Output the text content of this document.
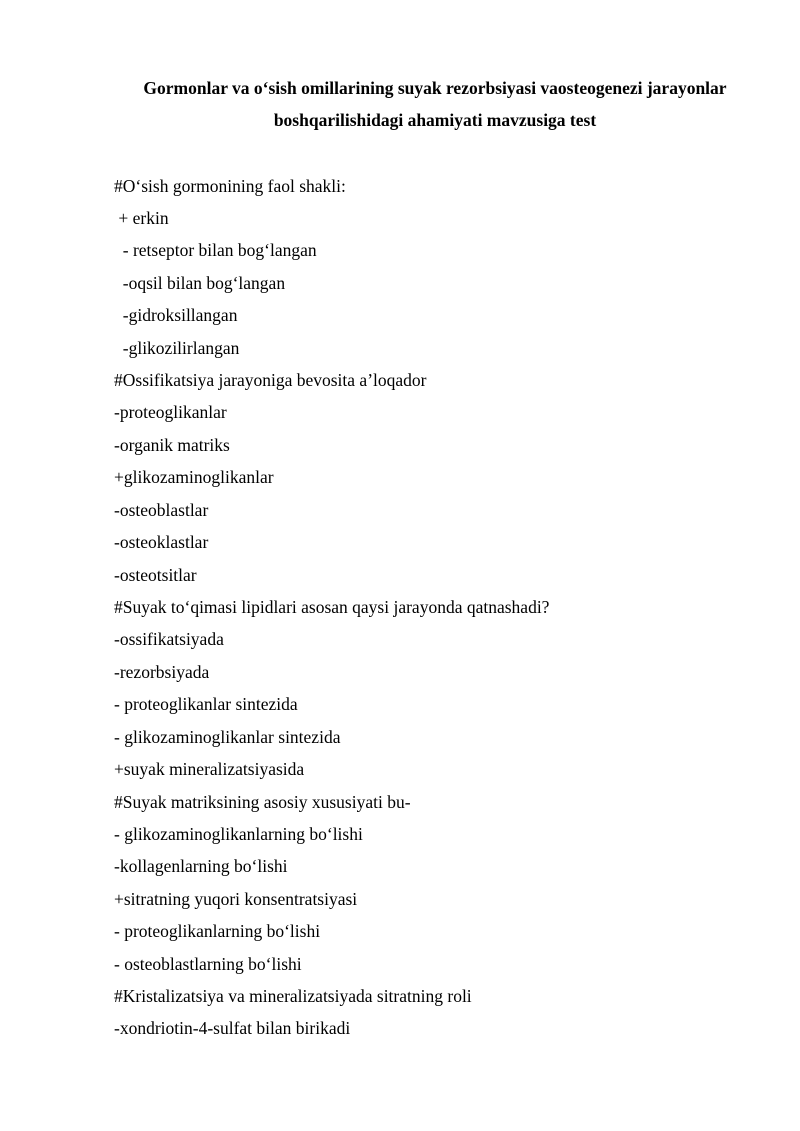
Gormonlar va o‘sish omillarining suyak rezorbsiyasi vaosteogenezi jarayonlar
boshqarilishidagi ahamiyati mavzusiga test
#O‘sish gormonining faol shakli:
+ erkin
- retseptor bilan bog‘langan
-oqsil bilan bog‘langan
-gidroksillangan
-glikozilirlangan
#Ossifikatsiya jarayoniga bevosita a’loqador
-proteoglikanlar
-organik matriks
+glikozaminoglikanlar
-osteoblastlar
-osteoklastlar
-osteotsitlar
#Suyak to‘qimasi lipidlari asosan qaysi jarayonda qatnashadi?
-ossifikatsiyada
-rezorbsiyada
- proteoglikanlar sintezida
- glikozaminoglikanlar sintezida
+suyak mineralizatsiyasida
#Suyak matriksining asosiy xususiyati bu-
- glikozaminoglikanlarning bo‘lishi
-kollagenlarning bo‘lishi
+sitratning yuqori konsentratsiyasi
- proteoglikanlarning bo‘lishi
- osteoblastlarning bo‘lishi
#Kristalizatsiya va mineralizatsiyada sitratning roli
-xondriotin-4-sulfat bilan birikadi
